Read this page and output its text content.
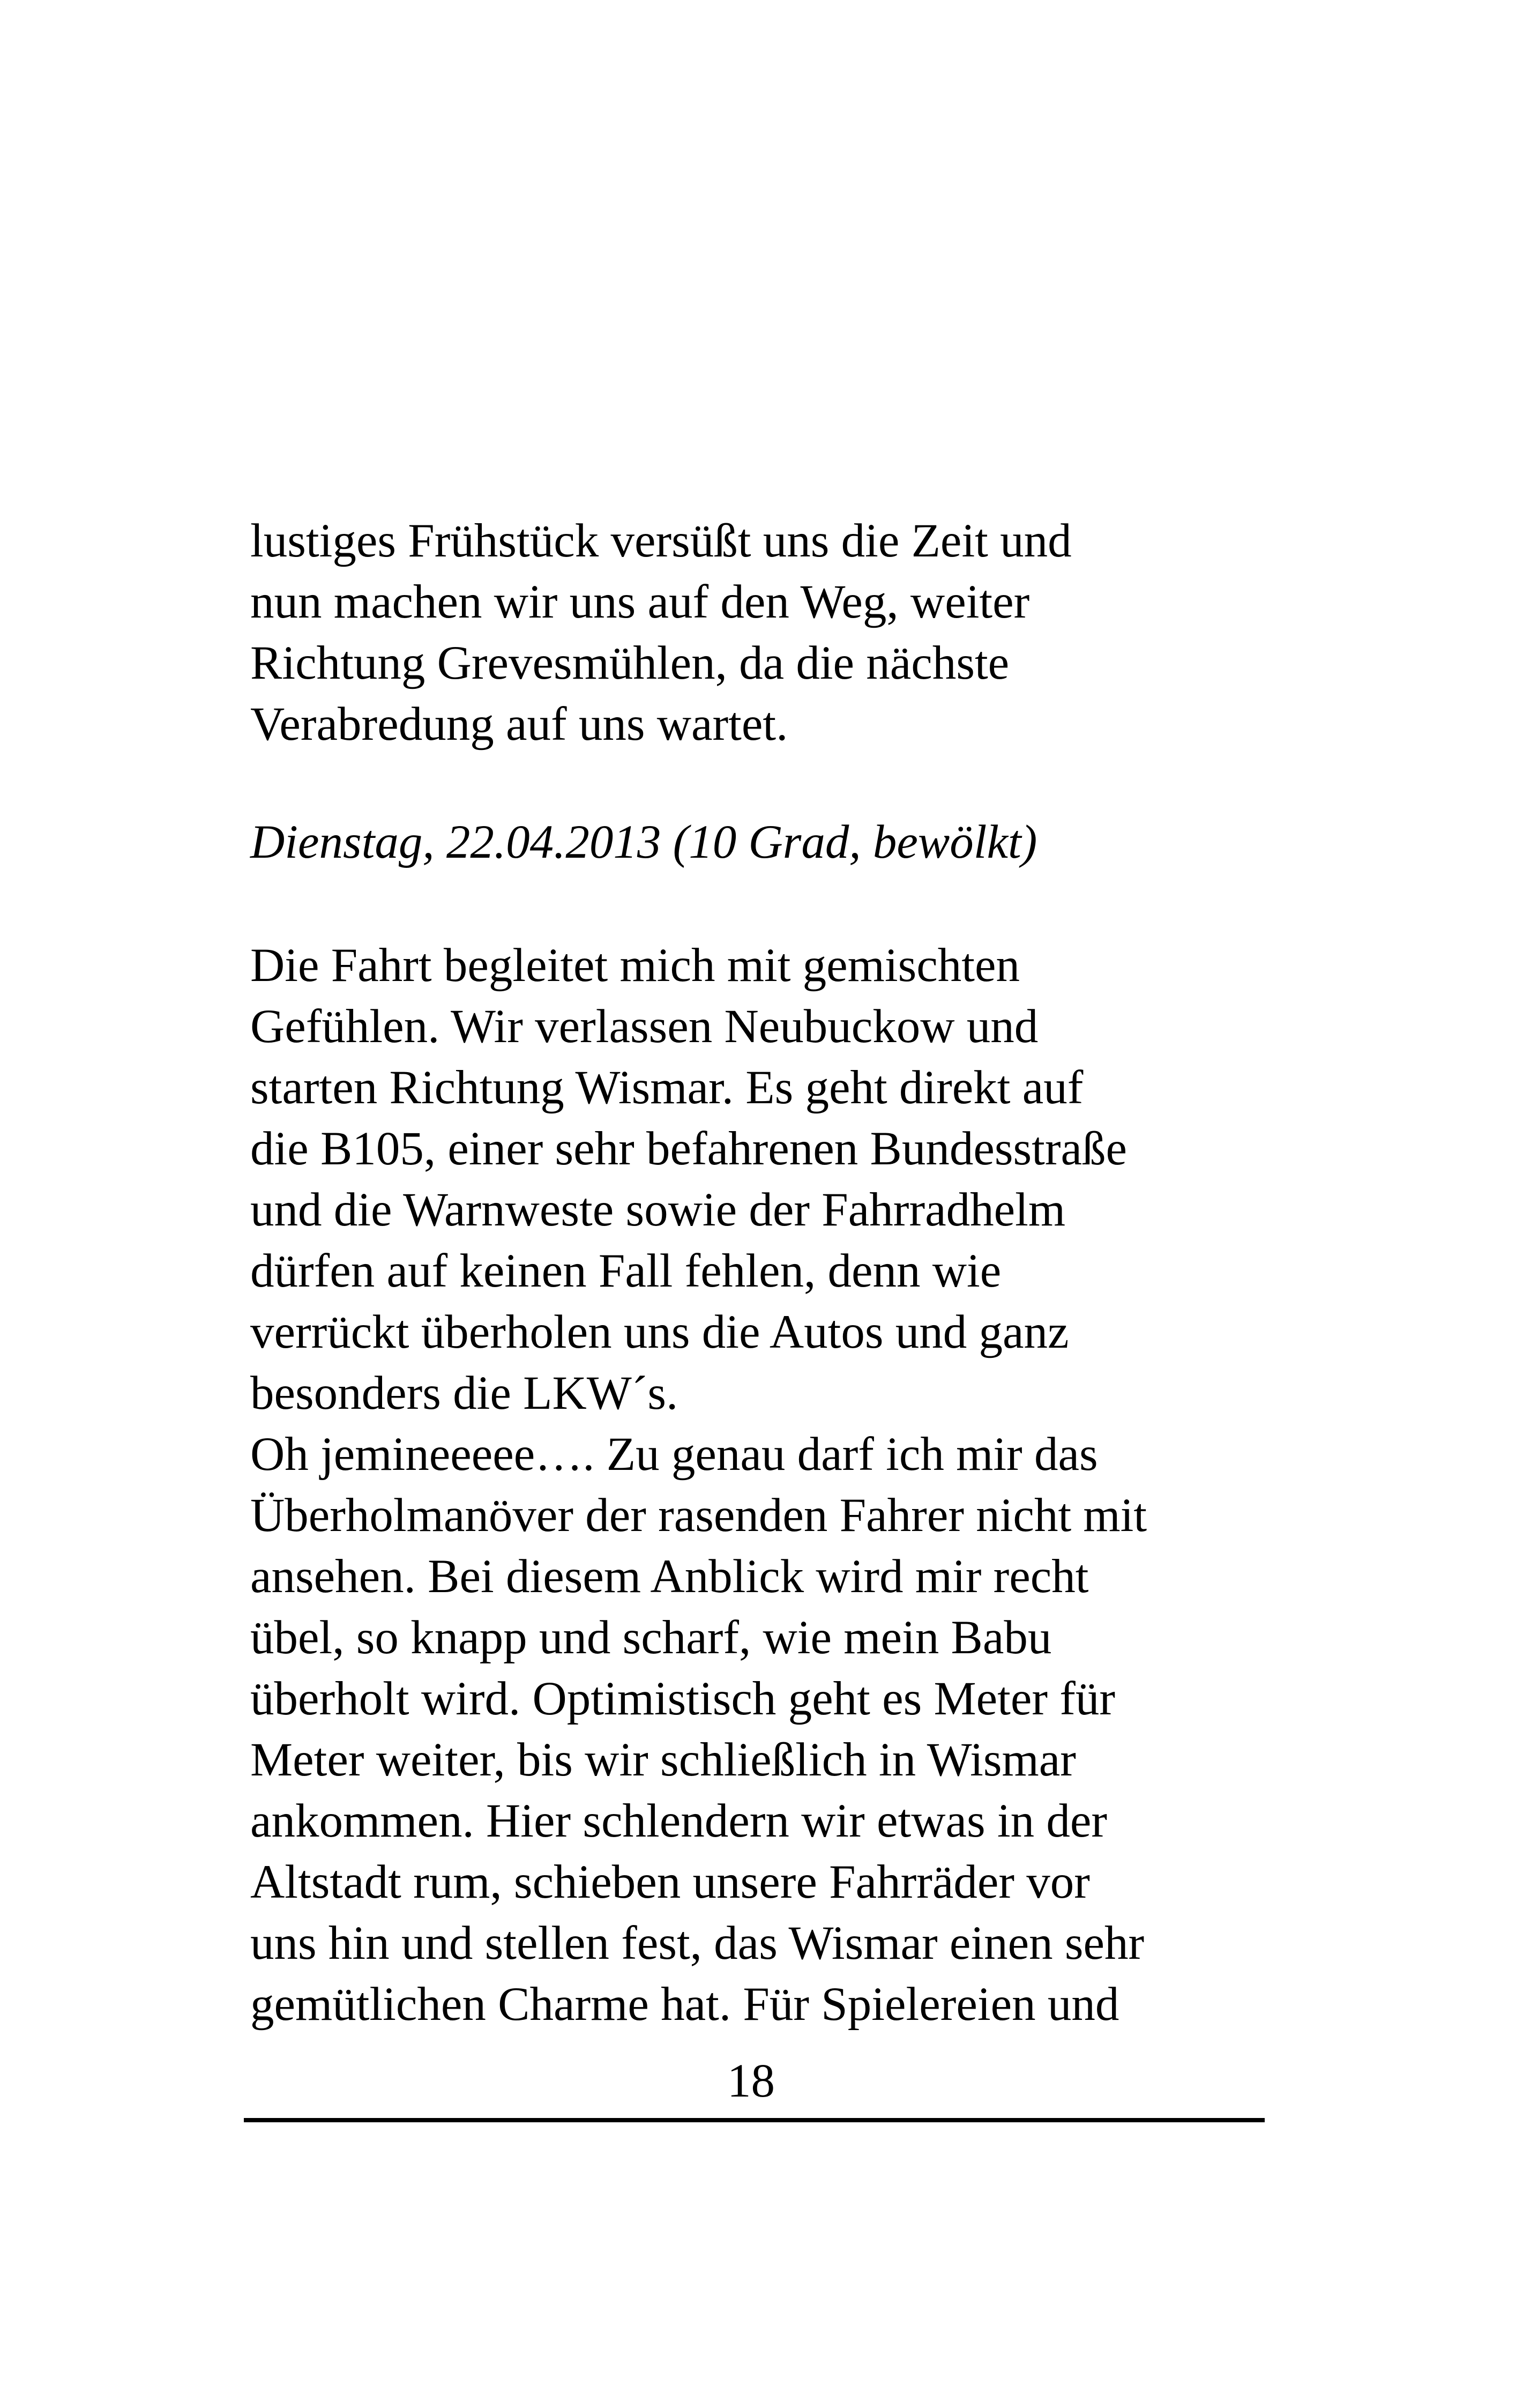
lustiges Frühstück versüßt uns die Zeit und
nun machen wir uns auf den Weg, weiter
Richtung Grevesmühlen, da die nächste
Verabredung auf uns wartet.
Dienstag, 22.04.2013 (10 Grad, bewölkt)
Die Fahrt begleitet mich mit gemischten
Gefühlen. Wir verlassen Neubuckow und
starten Richtung Wismar. Es geht direkt auf
die B105, einer sehr befahrenen Bundesstraße
und die Warnweste sowie der Fahrradhelm
dürfen auf keinen Fall fehlen, denn wie
verrückt überholen uns die Autos und ganz
besonders die LKW´s.
Oh jemineeeee…. Zu genau darf ich mir das
Überholmanöver der rasenden Fahrer nicht mit
ansehen. Bei diesem Anblick wird mir recht
übel, so knapp und scharf, wie mein Babu
überholt wird. Optimistisch geht es Meter für
Meter weiter, bis wir schließlich in Wismar
ankommen. Hier schlendern wir etwas in der
Altstadt rum, schieben unsere Fahrräder vor
uns hin und stellen fest, das Wismar einen sehr
gemütlichen Charme hat. Für Spielereien und
18
